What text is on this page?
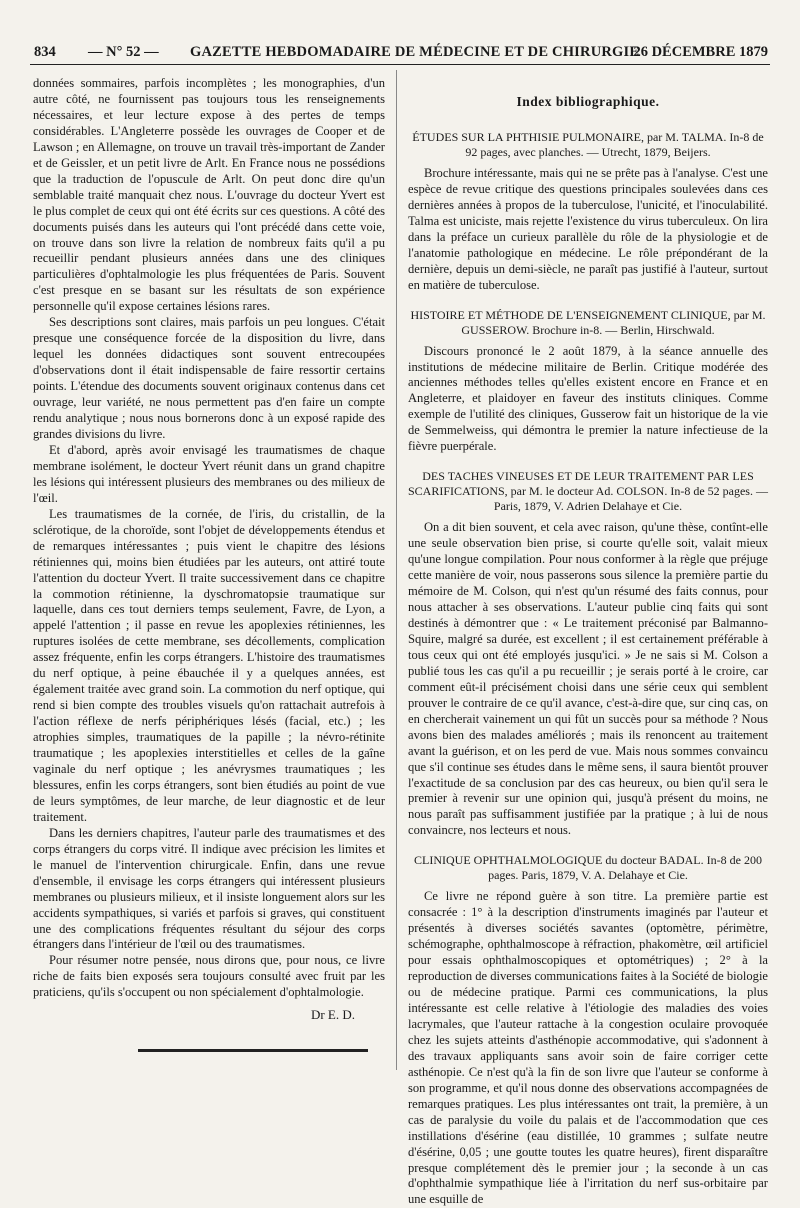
834 — N° 52 — GAZETTE HEBDOMADAIRE DE MÉDECINE ET DE CHIRURGIE
26 DÉCEMBRE 1879

données sommaires, parfois incomplètes ; les monographies, d'un autre côté, ne fournissent pas toujours tous les renseignements nécessaires, et leur lecture expose à des pertes de temps considérables. L'Angleterre possède les ouvrages de Cooper et de Lawson ; en Allemagne, on trouve un travail très-important de Zander et de Geissler, et un petit livre de Arlt. En France nous ne possédions que la traduction de l'opuscule de Arlt. On peut donc dire qu'un semblable traité manquait chez nous. L'ouvrage du docteur Yvert est le plus complet de ceux qui ont été écrits sur ces questions. A côté des documents puisés dans les auteurs qui l'ont précédé dans cette voie, on trouve dans son livre la relation de nombreux faits qu'il a pu recueillir pendant plusieurs années dans une des cliniques particulières d'ophtalmologie les plus fréquentées de Paris. Souvent c'est presque en se basant sur les résultats de son expérience personnelle qu'il expose certaines lésions rares.

Ses descriptions sont claires, mais parfois un peu longues. C'était presque une conséquence forcée de la disposition du livre, dans lequel les données didactiques sont souvent entrecoupées d'observations dont il était indispensable de faire ressortir certains points. L'étendue des documents souvent originaux contenus dans cet ouvrage, leur variété, ne nous permettent pas d'en faire un compte rendu analytique ; nous nous bornerons donc à un exposé rapide des grandes divisions du livre.

Et d'abord, après avoir envisagé les traumatismes de chaque membrane isolément, le docteur Yvert réunit dans un grand chapitre les lésions qui intéressent plusieurs des membranes ou des milieux de l'œil.

Les traumatismes de la cornée, de l'iris, du cristallin, de la sclérotique, de la choroïde, sont l'objet de développements étendus et de remarques intéressantes ; puis vient le chapitre des lésions rétiniennes qui, moins bien étudiées par les auteurs, ont attiré toute l'attention du docteur Yvert. Il traite successivement dans ce chapitre la commotion rétinienne, la dyschromatopsie traumatique sur laquelle, dans ces tout derniers temps seulement, Favre, de Lyon, a appelé l'attention ; il passe en revue les apoplexies rétiniennes, les ruptures isolées de cette membrane, ses décollements, complication assez fréquente, enfin les corps étrangers. L'histoire des traumatismes du nerf optique, à peine ébauchée il y a quelques années, est également traitée avec grand soin. La commotion du nerf optique, qui rend si bien compte des troubles visuels qu'on rattachait autrefois à l'action réflexe de nerfs périphériques lésés (facial, etc.) ; les atrophies simples, traumatiques de la papille ; la névro-rétinite traumatique ; les apoplexies interstitielles et celles de la gaîne vaginale du nerf optique ; les anévrysmes traumatiques ; les blessures, enfin les corps étrangers, sont bien étudiés au point de vue de leurs symptômes, de leur marche, de leur diagnostic et de leur traitement.

Dans les derniers chapitres, l'auteur parle des traumatismes et des corps étrangers du corps vitré. Il indique avec précision les limites et le manuel de l'intervention chirurgicale. Enfin, dans une revue d'ensemble, il envisage les corps étrangers qui intéressent plusieurs membranes ou plusieurs milieux, et il insiste longuement alors sur les accidents sympathiques, si variés et parfois si graves, qui constituent une des complications fréquentes résultant du séjour des corps étrangers dans l'intérieur de l'œil ou des traumatismes.

Pour résumer notre pensée, nous dirons que, pour nous, ce livre riche de faits bien exposés sera toujours consulté avec fruit par les praticiens, qu'ils s'occupent ou non spécialement d'ophtalmologie.

Dr E. D.
Index bibliographique.

ÉTUDES SUR LA PHTHISIE PULMONAIRE, par M. TALMA. In-8 de 92 pages, avec planches. — Utrecht, 1879, Beijers.

Brochure intéressante, mais qui ne se prête pas à l'analyse. C'est une espèce de revue critique des questions principales soulevées dans ces dernières années à propos de la tuberculose, l'unicité, et l'inoculabilité. Talma est uniciste, mais rejette l'existence du virus tuberculeux. On lira dans la préface un curieux parallèle du rôle de la physiologie et de l'anatomie pathologique en médecine. Le rôle prépondérant de la dernière, depuis un demi-siècle, ne paraît pas justifié à l'auteur, surtout en matière de tuberculose.

HISTOIRE ET MÉTHODE DE L'ENSEIGNEMENT CLINIQUE, par M. GUSSEROW. Brochure in-8. — Berlin, Hirschwald.

Discours prononcé le 2 août 1879, à la séance annuelle des institutions de médecine militaire de Berlin. Critique modérée des anciennes méthodes telles qu'elles existent encore en France et en Angleterre, et plaidoyer en faveur des instituts cliniques. Comme exemple de l'utilité des cliniques, Gusserow fait un historique de la vie de Semmelweiss, qui démontra le premier la nature infectieuse de la fièvre puerpérale.

DES TACHES VINEUSES ET DE LEUR TRAITEMENT PAR LES SCARIFICATIONS, par M. le docteur Ad. COLSON. In-8 de 52 pages. — Paris, 1879, V. Adrien Delahaye et Cie.

On a dit bien souvent, et cela avec raison, qu'une thèse, contînt-elle une seule observation bien prise, si courte qu'elle soit, valait mieux qu'une longue compilation. Pour nous conformer à la règle que préjuge cette manière de voir, nous passerons sous silence la première partie du mémoire de M. Colson, qui n'est qu'un résumé des faits connus, pour nous attacher à ses observations. L'auteur publie cinq faits qui sont destinés à démontrer que : « Le traitement préconisé par Balmanno-Squire, malgré sa durée, est excellent ; il est certainement préférable à tous ceux qui ont été employés jusqu'ici. » Je ne sais si M. Colson a publié tous les cas qu'il a pu recueillir ; je serais porté à le croire, car comment eût-il précisément choisi dans une série ceux qui semblent prouver le contraire de ce qu'il avance, c'est-à-dire que, sur cinq cas, on en chercherait vainement un qui fût un succès pour sa méthode ? Nous avons bien des malades améliorés ; mais ils renoncent au traitement avant la guérison, et on les perd de vue. Mais nous sommes convaincu que s'il continue ses études dans le même sens, il saura bientôt prouver l'exactitude de sa conclusion par des cas heureux, ou bien qu'il sera le premier à revenir sur une opinion qui, jusqu'à présent du moins, ne nous paraît pas suffisamment justifiée par la pratique ; à lui de nous convaincre, nos lecteurs et nous.

CLINIQUE OPHTHALMOLOGIQUE du docteur BADAL. In-8 de 200 pages. Paris, 1879, V. A. Delahaye et Cie.

Ce livre ne répond guère à son titre. La première partie est consacrée : 1° à la description d'instruments imaginés par l'auteur et présentés à diverses sociétés savantes (optomètre, périmètre, schémographe, ophthalmoscope à réfraction, phakomètre, œil artificiel pour essais ophthalmoscopiques et optométriques) ; 2° à la reproduction de diverses communications faites à la Société de biologie ou de médecine pratique. Parmi ces communications, la plus intéressante est celle relative à l'étiologie des maladies des voies lacrymales, que l'auteur rattache à la congestion oculaire provoquée chez les sujets atteints d'asthénopie accommodative, qui s'adonnent à des travaux appliquants sans avoir soin de faire corriger cette asthénopie. Ce n'est qu'à la fin de son livre que l'auteur se conforme à son programme, et qu'il nous donne des observations accompagnées de remarques pratiques. Les plus intéressantes ont trait, la première, à un cas de paralysie du voile du palais et de l'accommodation que ces instillations d'ésérine (eau distillée, 10 grammes ; sulfate neutre d'ésérine, 0,05 ; une goutte toutes les quatre heures), firent disparaître presque complétement dès le premier jour ; la seconde à un cas d'ophthalmie sympathique liée à l'irritation du nerf sus-orbitaire par une esquille de
